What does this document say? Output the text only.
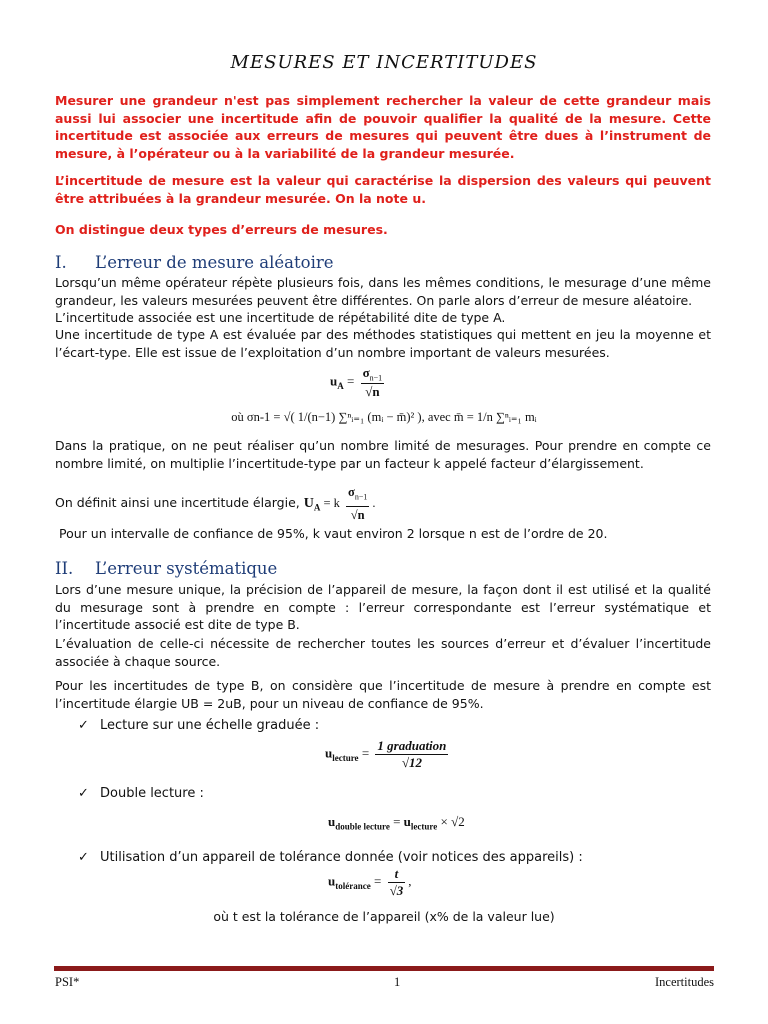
MESURES ET INCERTITUDES
Mesurer une grandeur n'est pas simplement rechercher la valeur de cette grandeur mais aussi lui associer une incertitude afin de pouvoir qualifier la qualité de la mesure. Cette incertitude est associée aux erreurs de mesures qui peuvent être dues à l’instrument de mesure, à l’opérateur ou à la variabilité de la grandeur mesurée.
L’incertitude de mesure est la valeur qui caractérise la dispersion des valeurs qui peuvent être attribuées à la grandeur mesurée. On la note u.
On distingue deux types d’erreurs de mesures.
I. L’erreur de mesure aléatoire
Lorsqu’un même opérateur répète plusieurs fois, dans les mêmes conditions, le mesurage d’une même grandeur, les valeurs mesurées peuvent être différentes. On parle alors d’erreur de mesure aléatoire.
L’incertitude associée est une incertitude de répétabilité dite de type A.
Une incertitude de type A est évaluée par des méthodes statistiques qui mettent en jeu la moyenne et l’écart-type. Elle est issue de l’exploitation d’un nombre important de valeurs mesurées.
$u_A = \frac{\sigma_{n-1}}{√n}$
où σn-1 = √( 1/(n−1) ∑ⁿᵢ₌₁ (mᵢ − m̄)² ), avec m̄ = 1/n ∑ⁿᵢ₌₁ mᵢ
Dans la pratique, on ne peut réaliser qu’un nombre limité de mesurages. Pour prendre en compte ce nombre limité, on multiplie l’incertitude-type par un facteur k appelé facteur d’élargissement.
On définit ainsi une incertitude élargie, $U_A = k \frac{\sigma_{n-1}}{√n}$ .
Pour un intervalle de confiance de 95%, k vaut environ 2 lorsque n est de l’ordre de 20.
II. L’erreur systématique
Lors d’une mesure unique, la précision de l’appareil de mesure, la façon dont il est utilisé et la qualité du mesurage sont à prendre en compte : l’erreur correspondante est l’erreur systématique et l’incertitude associé est dite de type B.
L’évaluation de celle-ci nécessite de rechercher toutes les sources d’erreur et d’évaluer l’incertitude associée à chaque source.
Pour les incertitudes de type B, on considère que l’incertitude de mesure à prendre en compte est l’incertitude élargie UB = 2uB, pour un niveau de confiance de 95%.
✓ Lecture sur une échelle graduée :
$u_{lecture} = \frac{\text{1 graduation}}{√12}$
✓ Double lecture :
$u_{double lecture} = u_{lecture} \times √2$
✓ Utilisation d’un appareil de tolérance donnée (voir notices des appareils) :
$u_{tolérance} = \frac{t}{√3}$ ,
où t est la tolérance de l’appareil (x% de la valeur lue)
PSI*	1	Incertitudes
